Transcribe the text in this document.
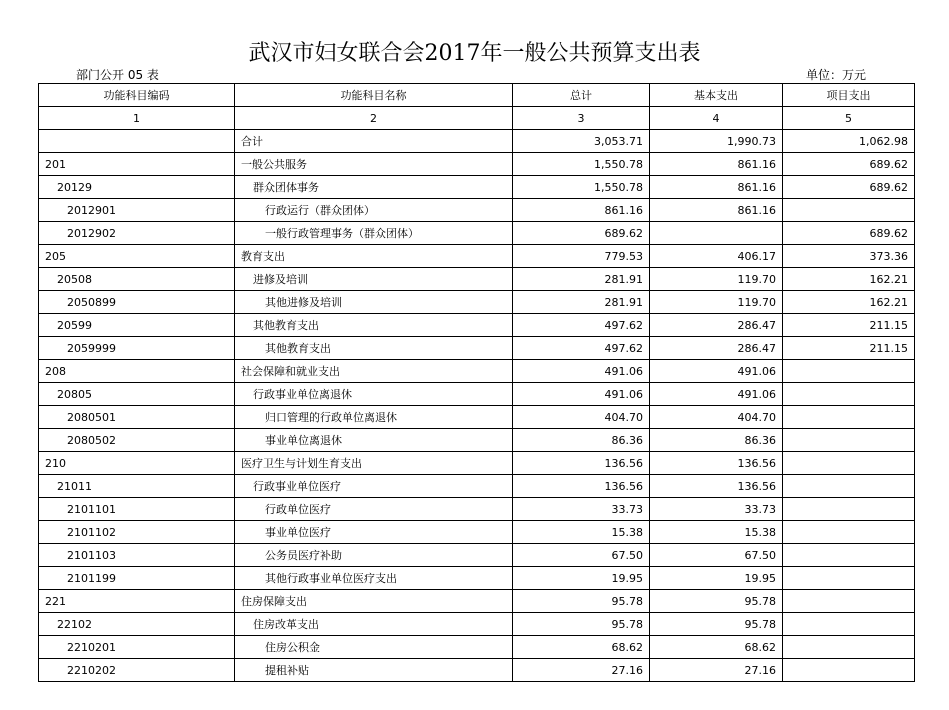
武汉市妇女联合会2017年一般公共预算支出表
部门公开 05 表	单位：万元
功能科目编码	功能科目名称	总计	基本支出	项目支出
1	2	3	4	5
	合计	3,053.71	1,990.73	1,062.98
201	一般公共服务	1,550.78	861.16	689.62
20129	群众团体事务	1,550.78	861.16	689.62
2012901	行政运行（群众团体）	861.16	861.16	
2012902	一般行政管理事务（群众团体）	689.62		689.62
205	教育支出	779.53	406.17	373.36
20508	进修及培训	281.91	119.70	162.21
2050899	其他进修及培训	281.91	119.70	162.21
20599	其他教育支出	497.62	286.47	211.15
2059999	其他教育支出	497.62	286.47	211.15
208	社会保障和就业支出	491.06	491.06	
20805	行政事业单位离退休	491.06	491.06	
2080501	归口管理的行政单位离退休	404.70	404.70	
2080502	事业单位离退休	86.36	86.36	
210	医疗卫生与计划生育支出	136.56	136.56	
21011	行政事业单位医疗	136.56	136.56	
2101101	行政单位医疗	33.73	33.73	
2101102	事业单位医疗	15.38	15.38	
2101103	公务员医疗补助	67.50	67.50	
2101199	其他行政事业单位医疗支出	19.95	19.95	
221	住房保障支出	95.78	95.78	
22102	住房改革支出	95.78	95.78	
2210201	住房公积金	68.62	68.62	
2210202	提租补贴	27.16	27.16	
